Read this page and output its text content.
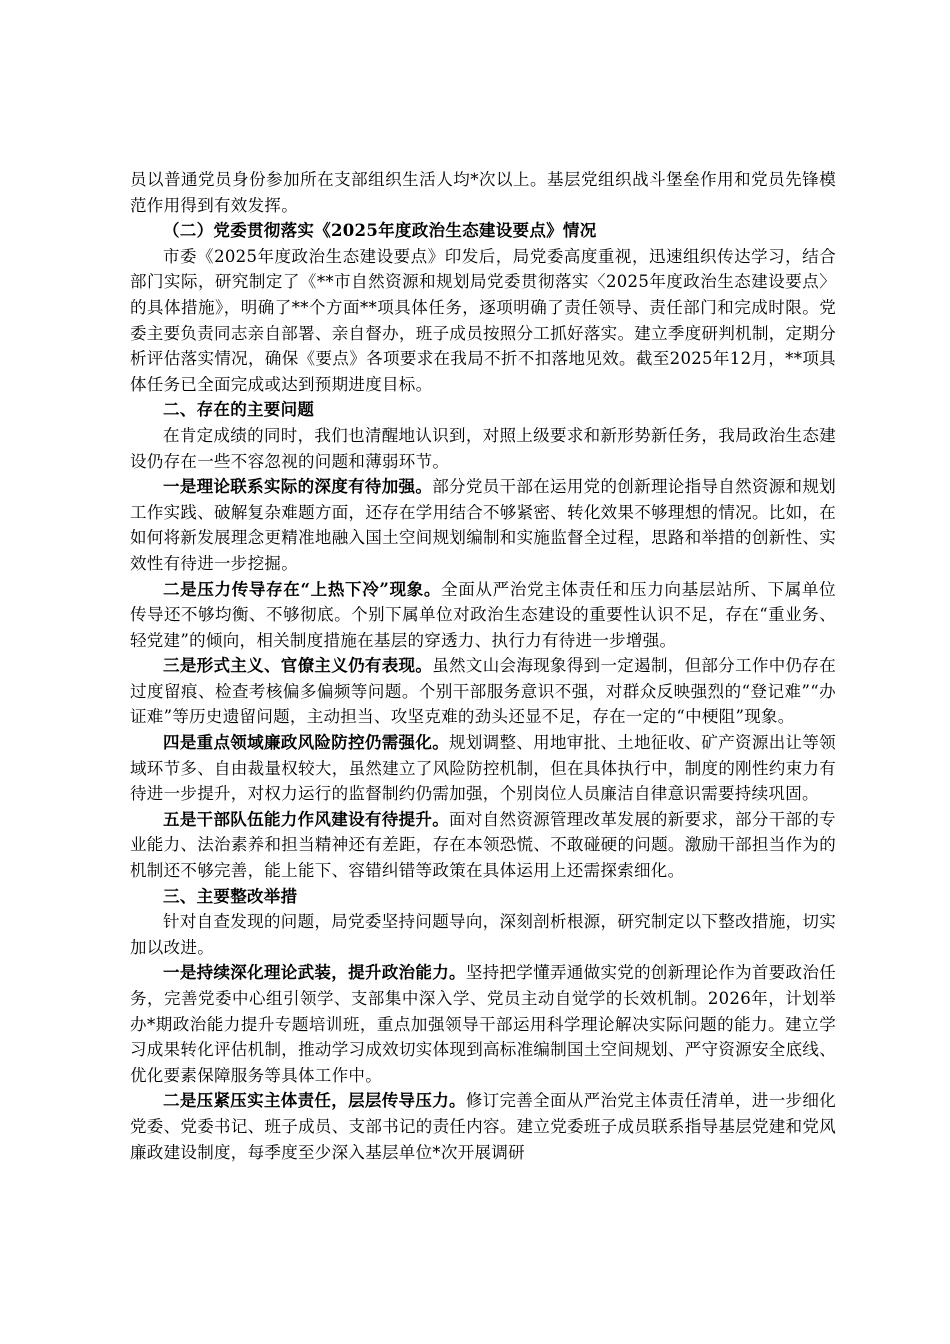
员以普通党员身份参加所在支部组织生活人均*次以上。基层党组织战斗堡垒作用和党员先锋模范作用得到有效发挥。

（二）党委贯彻落实《2025年度政治生态建设要点》情况

市委《2025年度政治生态建设要点》印发后，局党委高度重视，迅速组织传达学习，结合部门实际，研究制定了《**市自然资源和规划局党委贯彻落实〈2025年度政治生态建设要点〉的具体措施》，明确了**个方面**项具体任务，逐项明确了责任领导、责任部门和完成时限。党委主要负责同志亲自部署、亲自督办，班子成员按照分工抓好落实。建立季度研判机制，定期分析评估落实情况，确保《要点》各项要求在我局不折不扣落地见效。截至2025年12月，**项具体任务已全面完成或达到预期进度目标。

二、存在的主要问题

在肯定成绩的同时，我们也清醒地认识到，对照上级要求和新形势新任务，我局政治生态建设仍存在一些不容忽视的问题和薄弱环节。

一是理论联系实际的深度有待加强。部分党员干部在运用党的创新理论指导自然资源和规划工作实践、破解复杂难题方面，还存在学用结合不够紧密、转化效果不够理想的情况。比如，在如何将新发展理念更精准地融入国土空间规划编制和实施监督全过程，思路和举措的创新性、实效性有待进一步挖掘。

二是压力传导存在“上热下冷”现象。全面从严治党主体责任和压力向基层站所、下属单位传导还不够均衡、不够彻底。个别下属单位对政治生态建设的重要性认识不足，存在“重业务、轻党建”的倾向，相关制度措施在基层的穿透力、执行力有待进一步增强。

三是形式主义、官僚主义仍有表现。虽然文山会海现象得到一定遏制，但部分工作中仍存在过度留痕、检查考核偏多偏频等问题。个别干部服务意识不强，对群众反映强烈的“登记难”“办证难”等历史遗留问题，主动担当、攻坚克难的劲头还显不足，存在一定的“中梗阻”现象。

四是重点领域廉政风险防控仍需强化。规划调整、用地审批、土地征收、矿产资源出让等领域环节多、自由裁量权较大，虽然建立了风险防控机制，但在具体执行中，制度的刚性约束力有待进一步提升，对权力运行的监督制约仍需加强，个别岗位人员廉洁自律意识需要持续巩固。

五是干部队伍能力作风建设有待提升。面对自然资源管理改革发展的新要求，部分干部的专业能力、法治素养和担当精神还有差距，存在本领恐慌、不敢碰硬的问题。激励干部担当作为的机制还不够完善，能上能下、容错纠错等政策在具体运用上还需探索细化。

三、主要整改举措

针对自查发现的问题，局党委坚持问题导向，深刻剖析根源，研究制定以下整改措施，切实加以改进。

一是持续深化理论武装，提升政治能力。坚持把学懂弄通做实党的创新理论作为首要政治任务，完善党委中心组引领学、支部集中深入学、党员主动自觉学的长效机制。2026年，计划举办*期政治能力提升专题培训班，重点加强领导干部运用科学理论解决实际问题的能力。建立学习成果转化评估机制，推动学习成效切实体现到高标准编制国土空间规划、严守资源安全底线、优化要素保障服务等具体工作中。

二是压紧压实主体责任，层层传导压力。修订完善全面从严治党主体责任清单，进一步细化党委、党委书记、班子成员、支部书记的责任内容。建立党委班子成员联系指导基层党建和党风廉政建设制度，每季度至少深入基层单位*次开展调研
